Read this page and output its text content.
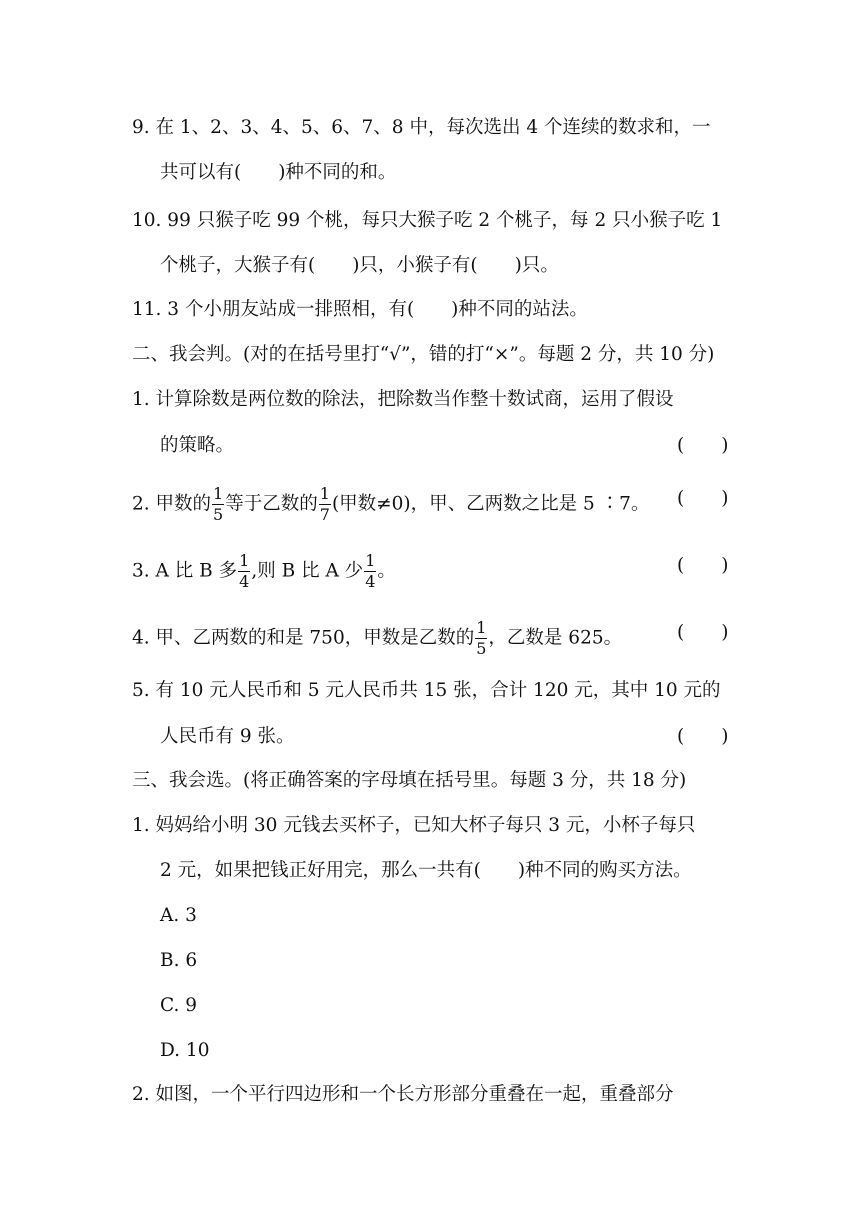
9. 在 1、2、3、4、5、6、7、8 中，每次选出 4 个连续的数求和，一
共可以有(　　)种不同的和。
10. 99 只猴子吃 99 个桃，每只大猴子吃 2 个桃子，每 2 只小猴子吃 1
个桃子，大猴子有(　　)只，小猴子有(　　)只。
11. 3 个小朋友站成一排照相，有(　　)种不同的站法。
二、我会判。(对的在括号里打“√”，错的打“×”。每题 2 分，共 10 分)
1. 计算除数是两位数的除法，把除数当作整十数试商，运用了假设
的策略。	(　　)
2. 甲数的 $\frac{1}{5}$ 等于乙数的 $\frac{1}{7}$ (甲数≠0)，甲、乙两数之比是 5 ∶7。 (　　)
3. A 比 B 多 $\frac{1}{4}$ ,则 B 比 A 少 $\frac{1}{4}$ 。	(　　)
4. 甲、乙两数的和是 750，甲数是乙数的 $\frac{1}{5}$ ，乙数是 625。	(　　)
5. 有 10 元人民币和 5 元人民币共 15 张，合计 120 元，其中 10 元的
人民币有 9 张。	(　　)
三、我会选。(将正确答案的字母填在括号里。每题 3 分，共 18 分)
1. 妈妈给小明 30 元钱去买杯子，已知大杯子每只 3 元，小杯子每只
2 元，如果把钱正好用完，那么一共有(　　)种不同的购买方法。
A. 3
B. 6
C. 9
D. 10
2. 如图，一个平行四边形和一个长方形部分重叠在一起，重叠部分
